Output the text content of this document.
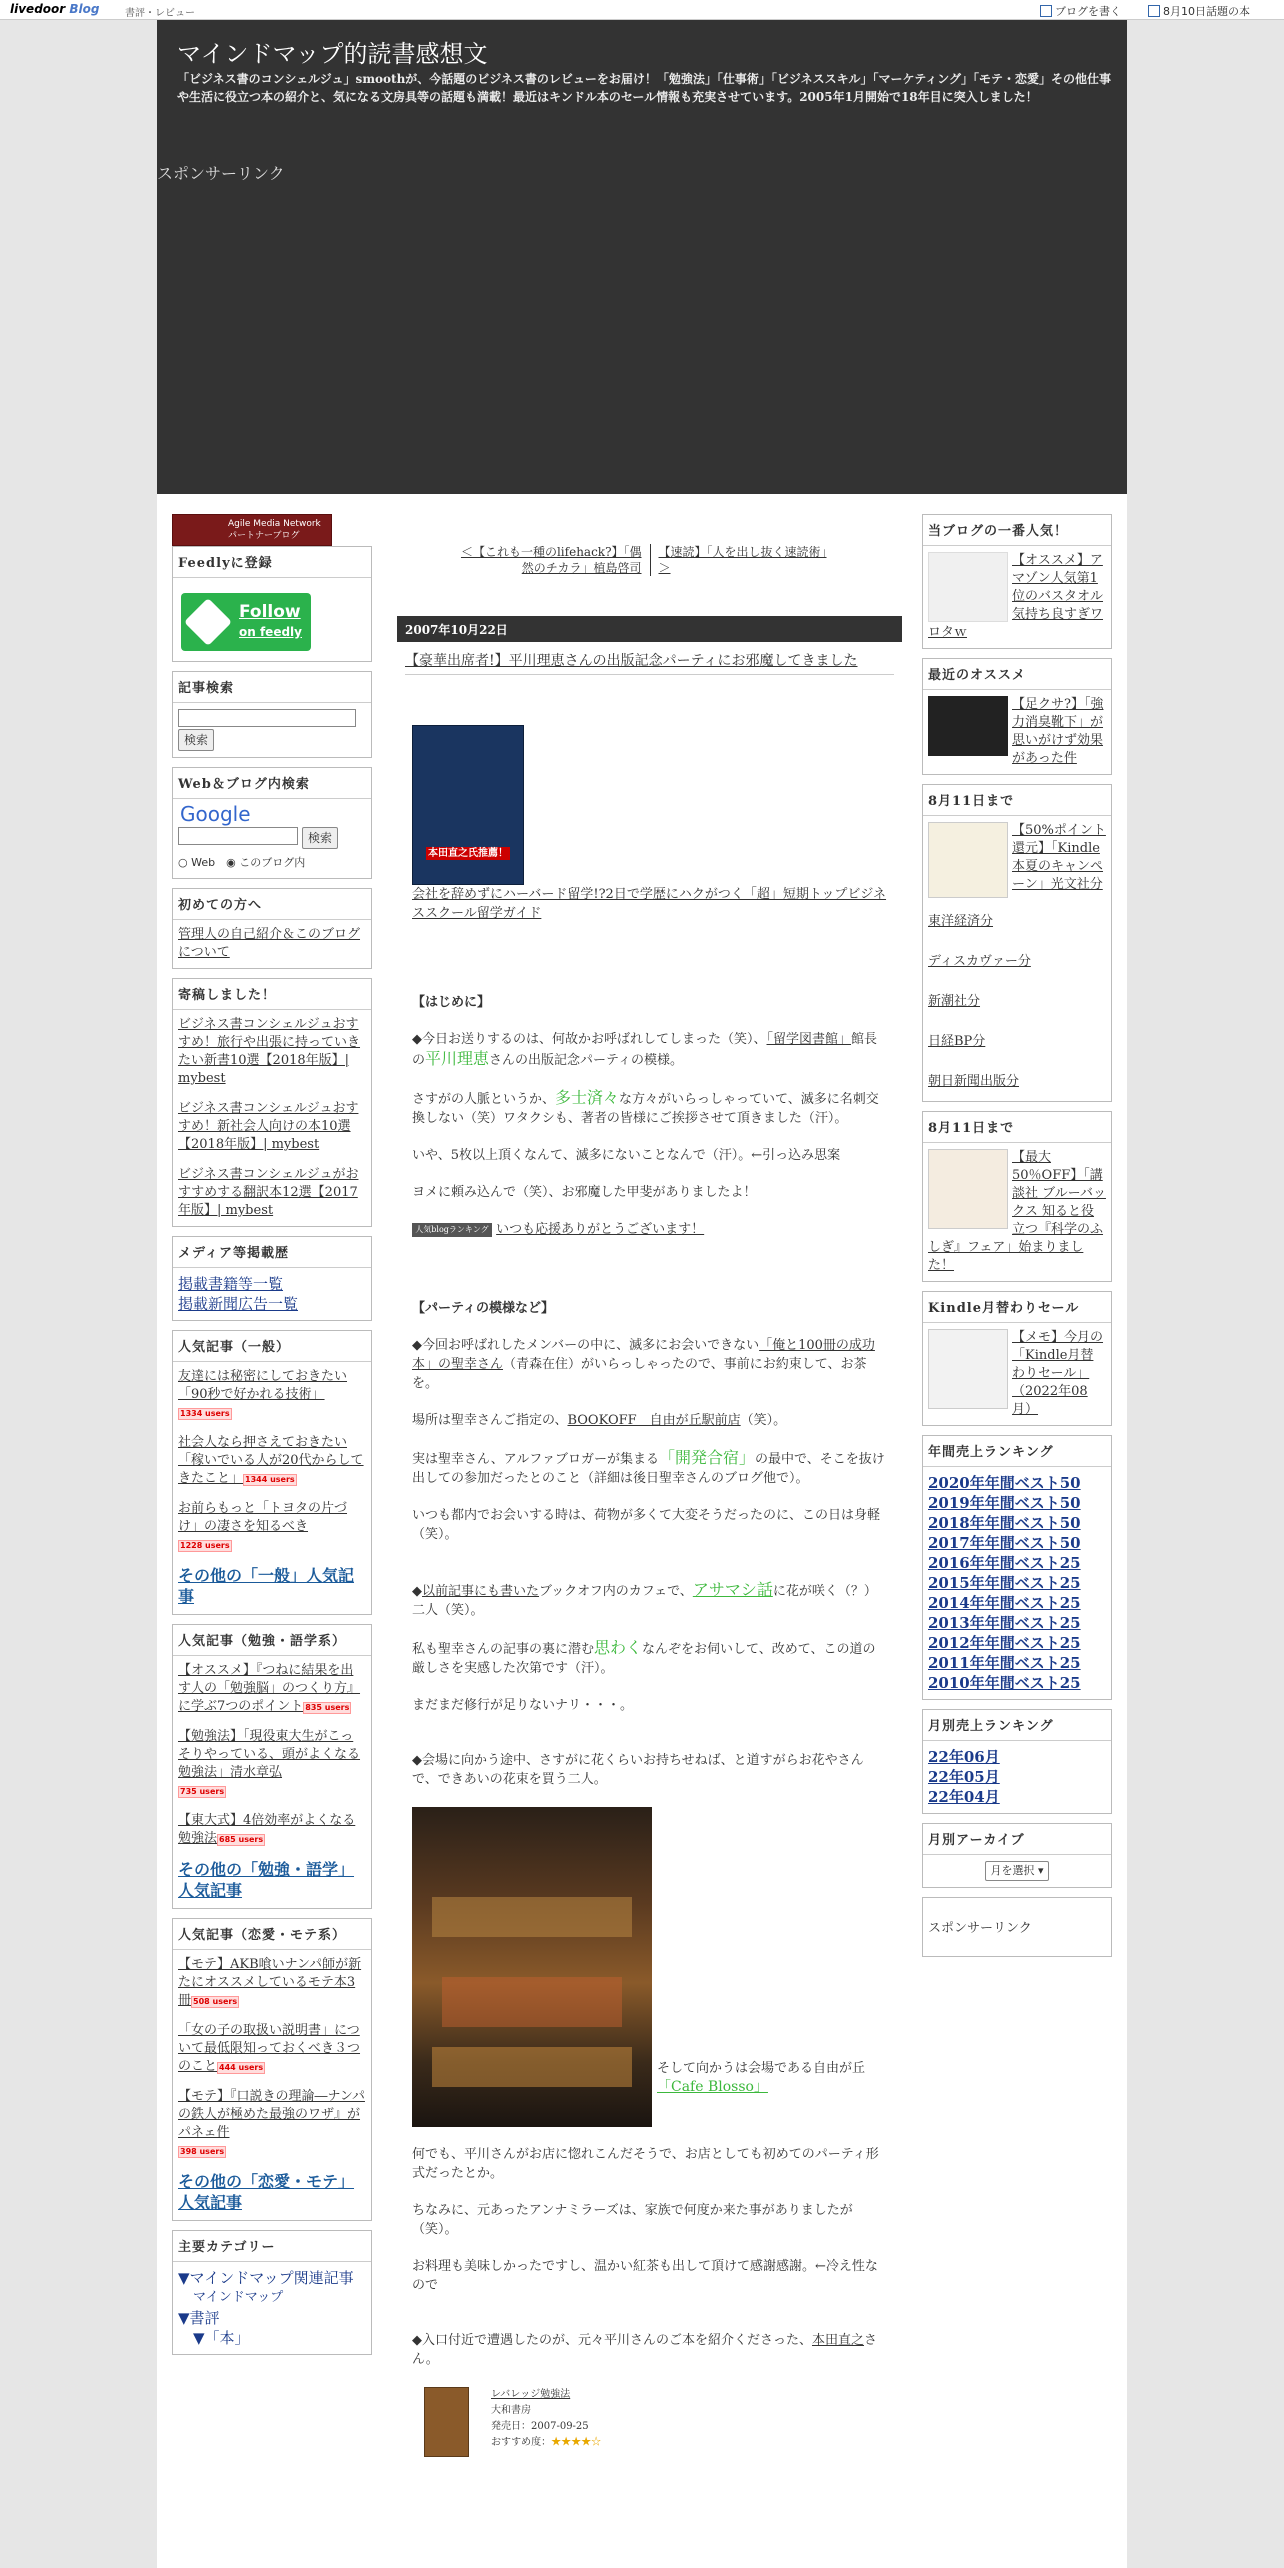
livedoor Blog	書評・レビュー	ブログを書く	8月10日話題の本
マインドマップ的読書感想文
「ビジネス書のコンシェルジュ」smoothが、今話題のビジネス書のレビューをお届け！「勉強法」「仕事術」「ビジネススキル」「マーケティング」「モテ・恋愛」その他仕事や生活に役立つ本の紹介と、気になる文房具等の話題も満載！最近はキンドル本のセール情報も充実させています。2005年1月開始で18年目に突入しました！
スポンサーリンク
Agile Media Network パートナーブログ
Feedlyに登録
Follow
on feedly
記事検索
検索
Web＆ブログ内検索
Google
検索
○ Web　 ◉ このブログ内
初めての方へ
管理人の自己紹介＆このブログについて
寄稿しました！

ビジネス書コンシェルジュおすすめ！旅行や出張に持っていきたい新書10選【2018年版】| mybest

ビジネス書コンシェルジュおすすめ！新社会人向けの本10選【2018年版】| mybest

ビジネス書コンシェルジュがおすすめする翻訳本12選【2017年版】| mybest

メディア等掲載歴
掲載書籍等一覧
掲載新聞広告一覧
人気記事（一般）

友達には秘密にしておきたい「90秒で好かれる技術」
1334 users

社会人なら押さえておきたい「稼いでいる人が20代からしてきたこと」 1344 users

お前らもっと「トヨタの片づけ」の凄さを知るべき
1228 users

その他の「一般」人気記事
人気記事（勉強・語学系）

【オススメ】『つねに結果を出す人の「勉強脳」のつくり方』に学ぶ7つのポイント 835 users

【勉強法】「現役東大生がこっそりやっている、頭がよくなる勉強法」清水章弘
735 users

【東大式】4倍効率がよくなる勉強法 685 users

その他の「勉強・語学」人気記事
人気記事（恋愛・モテ系）

【モテ】AKB喰いナンパ師が新たにオススメしているモテ本3冊 508 users

「女の子の取扱い説明書」について最低限知っておくべき３つのこと 444 users

【モテ】『口説きの理論―ナンパの鉄人が極めた最強のワザ』がパネェ件
398 users

その他の「恋愛・モテ」人気記事
主要カテゴリー
▼マインドマップ関連記事
マインドマップ
▼書評
▼「本」
＜【これも一種のlifehack?】「偶然のチカラ」植島啓司
【速読】「人を出し抜く速読術」＞
2007年10月22日
【豪華出席者!】平川理恵さんの出版記念パーティにお邪魔してきました
本田直之氏推薦！

会社を辞めずにハーバード留学!?2日で学歴にハクがつく「超」短期トップビジネススクール留学ガイド

【はじめに】

◆今日お送りするのは、何故かお呼ばれしてしまった（笑）、「留学図書館」館長の平川理恵さんの出版記念パーティの模様。

さすがの人脈というか、多士済々な方々がいらっしゃっていて、滅多に名刺交換しない（笑）ワタクシも、著者の皆様にご挨拶させて頂きました（汗）。

いや、5枚以上頂くなんて、滅多にないことなんで（汗）。←引っ込み思案

ヨメに頼み込んで（笑）、お邪魔した甲斐がありましたよ！

人気blogランキング いつも応援ありがとうございます！

【パーティの模様など】

◆今回お呼ばれしたメンバーの中に、滅多にお会いできない「俺と100冊の成功本」の聖幸さん（青森在住）がいらっしゃったので、事前にお約束して、お茶を。

場所は聖幸さんご指定の、BOOKOFF　自由が丘駅前店（笑）。

実は聖幸さん、アルファブロガーが集まる「開発合宿」の最中で、そこを抜け出しての参加だったとのこと（詳細は後日聖幸さんのブログ他で）。

いつも都内でお会いする時は、荷物が多くて大変そうだったのに、この日は身軽（笑）。

◆以前記事にも書いたブックオフ内のカフェで、アサマシ話に花が咲く（？）二人（笑）。

私も聖幸さんの記事の裏に潜む思わくなんぞをお伺いして、改めて、この道の厳しさを実感した次第です（汗）。

まだまだ修行が足りないナリ・・・。

◆会場に向かう途中、さすがに花くらいお持ちせねば、と道すがらお花やさんで、できあいの花束を買う二人。

そして向かうは会場である自由が丘
「Cafe Blosso」

何でも、平川さんがお店に惚れこんだそうで、お店としても初めてのパーティ形式だったとか。

ちなみに、元あったアンナミラーズは、家族で何度か来た事がありましたが（笑）。

お料理も美味しかったですし、温かい紅茶も出して頂けて感謝感謝。←冷え性なので

◆入口付近で遭遇したのが、元々平川さんのご本を紹介くださった、本田直之さん。

レバレッジ勉強法
大和書房
発売日：2007-09-25
おすすめ度：★★★★☆
当ブログの一番人気！
【オススメ】アマゾン人気第1位のバスタオル気持ち良すぎワロタｗ
最近のオススメ
【足クサ?】「強力消臭靴下」が思いがけず効果があった件
8月11日まで
【50%ポイント還元】「Kindle本夏のキャンペーン」光文社分

東洋経済分

ディスカヴァー分

新潮社分

日経BP分

朝日新聞出版分

8月11日まで
【最大50％OFF】「講談社 ブルーバックス 知ると役立つ『科学のふしぎ』フェア」始まりました！
Kindle月替わりセール
【メモ】今月の「Kindle月替わりセール」（2022年08月）
年間売上ランキング
2020年年間ベスト50
2019年年間ベスト50
2018年年間ベスト50
2017年年間ベスト50
2016年年間ベスト25
2015年年間ベスト25
2014年年間ベスト25
2013年年間ベスト25
2012年年間ベスト25
2011年年間ベスト25
2010年年間ベスト25
月別売上ランキング
22年06月
22年05月
22年04月
月別アーカイブ
月を選択 ▾
スポンサーリンク
